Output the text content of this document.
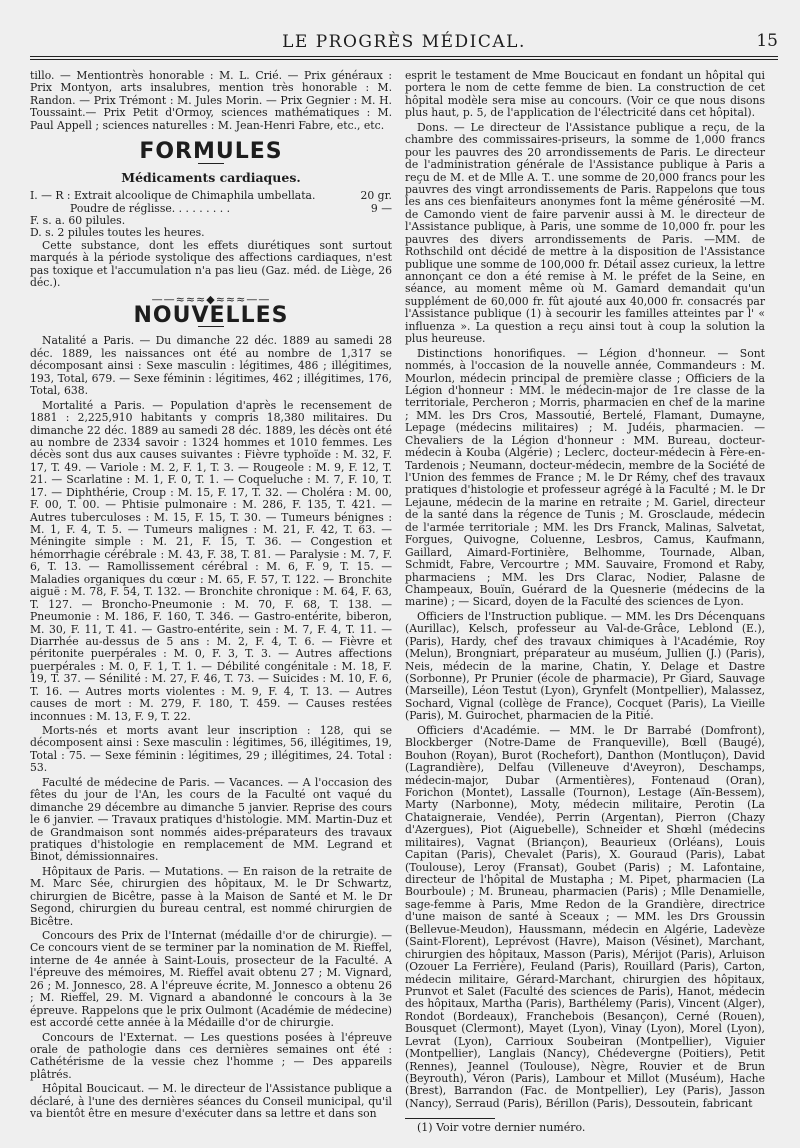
LE PROGRÈS MÉDICAL.	15

tillo. — Mentiontrès honorable : M. L. Crié. — Prix généraux : Prix Montyon, arts insalubres, mention très honorable : M. Randon. — Prix Trémont : M. Jules Morin. — Prix Gegnier : M. H. Toussaint.— Prix Petit d'Ormoy, sciences mathématiques : M. Paul Appell ; sciences naturelles : M. Jean-Henri Fabre, etc., etc.

FORMULES
Médicaments cardiaques.
I. — R : Extrait alcoolique de Chimaphila umbellata.	20 gr.
Poudre de réglisse. . . . . . . . .	9 —

F. s. a. 60 pilules.

D. s. 2 pilules toutes les heures.

Cette substance, dont les effets diurétiques sont surtout marqués à la période systolique des affections cardiaques, n'est pas toxique et l'accumulation n'a pas lieu (Gaz. méd. de Liège, 26 déc.).

——≈≈≈◆≈≈≈——
NOUVELLES

Natalité a Paris. — Du dimanche 22 déc. 1889 au samedi 28 déc. 1889, les naissances ont été au nombre de 1,317 se décomposant ainsi : Sexe masculin : légitimes, 486 ; illégitimes, 193, Total, 679. — Sexe féminin : légitimes, 462 ; illégitimes, 176, Total, 638.

Mortalité a Paris. — Population d'après le recensement de 1881 : 2,225,910 habitants y compris 18,380 militaires. Du dimanche 22 déc. 1889 au samedi 28 déc. 1889, les décès ont été au nombre de 2334 savoir : 1324 hommes et 1010 femmes. Les décès sont dus aux causes suivantes : Fièvre typhoïde : M. 32, F. 17, T. 49. — Variole : M. 2, F. 1, T. 3. — Rougeole : M. 9, F. 12, T. 21. — Scarlatine : M. 1, F. 0, T. 1. — Coqueluche : M. 7, F. 10, T. 17. — Diphthérie, Croup : M. 15, F. 17, T. 32. — Choléra : M. 00, F. 00, T. 00. — Phtisie pulmonaire : M. 286, F. 135, T. 421. — Autres tuberculoses : M. 15, F. 15, T. 30. — Tumeurs bénignes : M. 1, F. 4, T. 5. — Tumeurs malignes : M. 21, F. 42, T. 63. — Méningite simple : M. 21, F. 15, T. 36. — Congestion et hémorrhagie cérébrale : M. 43, F. 38, T. 81. — Paralysie : M. 7, F. 6, T. 13. — Ramollissement cérébral : M. 6, F. 9, T. 15. — Maladies organiques du cœur : M. 65, F. 57, T. 122. — Bronchite aiguë : M. 78, F. 54, T. 132. — Bronchite chronique : M. 64, F. 63, T. 127. — Broncho-Pneumonie : M. 70, F. 68, T. 138. — Pneumonie : M. 186, F. 160, T. 346. — Gastro-entérite, biberon, M. 30, F. 11, T. 41. — Gastro-entérite, sein : M. 7, F. 4, T. 11. — Diarrhée au-dessus de 5 ans : M. 2, F. 4, T. 6. — Fièvre et péritonite puerpérales : M. 0, F. 3, T. 3. — Autres affections puerpérales : M. 0, F. 1, T. 1. — Débilité congénitale : M. 18, F. 19, T. 37. — Sénilité : M. 27, F. 46, T. 73. — Suicides : M. 10, F. 6, T. 16. — Autres morts violentes : M. 9, F. 4, T. 13. — Autres causes de mort : M. 279, F. 180, T. 459. — Causes restées inconnues : M. 13, F. 9, T. 22.

Morts-nés et morts avant leur inscription : 128, qui se décomposent ainsi : Sexe masculin : légitimes, 56, illégitimes, 19, Total : 75. — Sexe féminin : légitimes, 29 ; illégitimes, 24. Total : 53.

Faculté de médecine de Paris. — Vacances. — A l'occasion des fêtes du jour de l'An, les cours de la Faculté ont vaqué du dimanche 29 décembre au dimanche 5 janvier. Reprise des cours le 6 janvier. — Travaux pratiques d'histologie. MM. Martin-Duz et de Grandmaison sont nommés aides-préparateurs des travaux pratiques d'histologie en remplacement de MM. Legrand et Binot, démissionnaires.

Hôpitaux de Paris. — Mutations. — En raison de la retraite de M. Marc Sée, chirurgien des hôpitaux, M. le Dr Schwartz, chirurgien de Bicêtre, passe à la Maison de Santé et M. le Dr Segond, chirurgien du bureau central, est nommé chirurgien de Bicêtre.

Concours des Prix de l'Internat (médaille d'or de chirurgie). — Ce concours vient de se terminer par la nomination de M. Rieffel, interne de 4e année à Saint-Louis, prosecteur de la Faculté. A l'épreuve des mémoires, M. Rieffel avait obtenu 27 ; M. Vignard, 26 ; M. Jonnesco, 28. A l'épreuve écrite, M. Jonnesco a obtenu 26 ; M. Rieffel, 29. M. Vignard a abandonné le concours à la 3e épreuve. Rappelons que le prix Oulmont (Académie de médecine) est accordé cette année à la Médaille d'or de chirurgie.

Concours de l'Externat. — Les questions posées à l'épreuve orale de pathologie dans ces dernières semaines ont été : Cathétérisme de la vessie chez l'homme ; — Des appareils plâtrés.

Hôpital Boucicaut. — M. le directeur de l'Assistance publique a déclaré, à l'une des dernières séances du Conseil municipal, qu'il va bientôt être en mesure d'exécuter dans sa lettre et dans son

esprit le testament de Mme Boucicaut en fondant un hôpital qui portera le nom de cette femme de bien. La construction de cet hôpital modèle sera mise au concours. (Voir ce que nous disons plus haut, p. 5, de l'application de l'électricité dans cet hôpital).

Dons. — Le directeur de l'Assistance publique a reçu, de la chambre des commissaires-priseurs, la somme de 1,000 francs pour les pauvres des 20 arrondissements de Paris. Le directeur de l'administration générale de l'Assistance publique à Paris a reçu de M. et de Mlle A. T.. une somme de 20,000 francs pour les pauvres des vingt arrondissements de Paris. Rappelons que tous les ans ces bienfaiteurs anonymes font la même générosité —M. de Camondo vient de faire parvenir aussi à M. le directeur de l'Assistance publique, à Paris, une somme de 10,000 fr. pour les pauvres des divers arrondissements de Paris. —MM. de Rothschild ont décidé de mettre à la disposition de l'Assistance publique une somme de 100,000 fr. Détail assez curieux, la lettre annonçant ce don a été remise à M. le préfet de la Seine, en séance, au moment même où M. Gamard demandait qu'un supplément de 60,000 fr. fût ajouté aux 40,000 fr. consacrés par l'Assistance publique (1) à secourir les familles atteintes par l' « influenza ». La question a reçu ainsi tout à coup la solution la plus heureuse.

Distinctions honorifiques. — Légion d'honneur. — Sont nommés, à l'occasion de la nouvelle année, Commandeurs : M. Mourlon, médecin principal de première classe ; Officiers de la Légion d'honneur : MM. le médecin-major de 1re classe de la territoriale, Percheron ; Morris, pharmacien en chef de la marine ; MM. les Drs Cros, Massoutié, Bertelé, Flamant, Dumayne, Lepage (médecins militaires) ; M. Judéis, pharmacien. — Chevaliers de la Légion d'honneur : MM. Bureau, docteur-médecin à Kouba (Algérie) ; Leclerc, docteur-médecin à Fère-en-Tardenois ; Neumann, docteur-médecin, membre de la Société de l'Union des femmes de France ; M. le Dr Rémy, chef des travaux pratiques d'histologie et professeur agrégé à la Faculté ; M. le Dr Lejaune, médecin de la marine en retraite ; M. Gariel, directeur de la santé dans la régence de Tunis ; M. Grosclaude, médecin de l'armée territoriale ; MM. les Drs Franck, Malinas, Salvetat, Forgues, Quivogne, Coluenne, Lesbros, Camus, Kaufmann, Gaillard, Aimard-Fortinière, Belhomme, Tournade, Alban, Schmidt, Fabre, Vercourtre ; MM. Sauvaire, Fromond et Raby, pharmaciens ; MM. les Drs Clarac, Nodier, Palasne de Champeaux, Bouïn, Guérard de la Quesnerie (médecins de la marine) ; — Sicard, doyen de la Faculté des sciences de Lyon.

Officiers de l'Instruction publique. — MM. les Drs Décenquans (Aurillac), Kelsch, professeur au Val-de-Grâce, Leblond (E.), (Paris), Hardy, chef des travaux chimiques à l'Académie, Roy (Melun), Brongniart, préparateur au muséum, Jullien (J.) (Paris), Neis, médecin de la marine, Chatin, Y. Delage et Dastre (Sorbonne), Pr Prunier (école de pharmacie), Pr Giard, Sauvage (Marseille), Léon Testut (Lyon), Grynfelt (Montpellier), Malassez, Sochard, Vignal (collège de France), Cocquet (Paris), La Vieille (Paris), M. Guirochet, pharmacien de la Pitié.

Officiers d'Académie. — MM. le Dr Barrabé (Domfront), Blockberger (Notre-Dame de Franqueville), Bœll (Baugé), Bouhon (Royan), Burot (Rochefort), Danthon (Montluçon), David (Lagrandière), Delfau (Villeneuve d'Aveyron), Deschamps, médecin-major, Dubar (Armentières), Fontenaud (Oran), Forichon (Montet), Lassalle (Tournon), Lestage (Aïn-Bessem), Marty (Narbonne), Moty, médecin militaire, Perotin (La Chataigneraie, Vendée), Perrin (Argentan), Pierron (Chazy d'Azergues), Piot (Aiguebelle), Schneider et Shœhl (médecins militaires), Vagnat (Briançon), Beaurieux (Orléans), Louis Capitan (Paris), Chevalet (Paris), X. Gouraud (Paris), Labat (Toulouse), Leroy (Fransat), Goubet (Paris) ; M. Lafontaine, directeur de l'hôpital de Mustapha ; M. Pipet, pharmacien (La Bourboule) ; M. Bruneau, pharmacien (Paris) ; Mlle Denamielle, sage-femme à Paris, Mme Redon de la Grandière, directrice d'une maison de santé à Sceaux ; — MM. les Drs Groussin (Bellevue-Meudon), Haussmann, médecin en Algérie, Ladevèze (Saint-Florent), Leprévost (Havre), Maison (Vésinet), Marchant, chirurgien des hôpitaux, Masson (Paris), Mérijot (Paris), Arluison (Ozouer La Ferrière), Feuland (Paris), Rouillard (Paris), Carton, médecin militaire, Gérard-Marchant, chirurgien des hôpitaux, Prunvot et Salet (Faculté des sciences de Paris), Hanot, médecin des hôpitaux, Martha (Paris), Barthélemy (Paris), Vincent (Alger), Rondot (Bordeaux), Franchebois (Besançon), Cerné (Rouen), Bousquet (Clermont), Mayet (Lyon), Vinay (Lyon), Morel (Lyon), Levrat (Lyon), Carrioux Soubeiran (Montpellier), Viguier (Montpellier), Langlais (Nancy), Chédevergne (Poitiers), Petit (Rennes), Jeannel (Toulouse), Nègre, Rouvier et de Brun (Beyrouth), Véron (Paris), Lambour et Millot (Muséum), Hache (Brest), Barrandon (Fac. de Montpellier), Ley (Paris), Jasson (Nancy), Serraud (Paris), Bérillon (Paris), Dessoutein, fabricant

(1) Voir votre dernier numéro.
